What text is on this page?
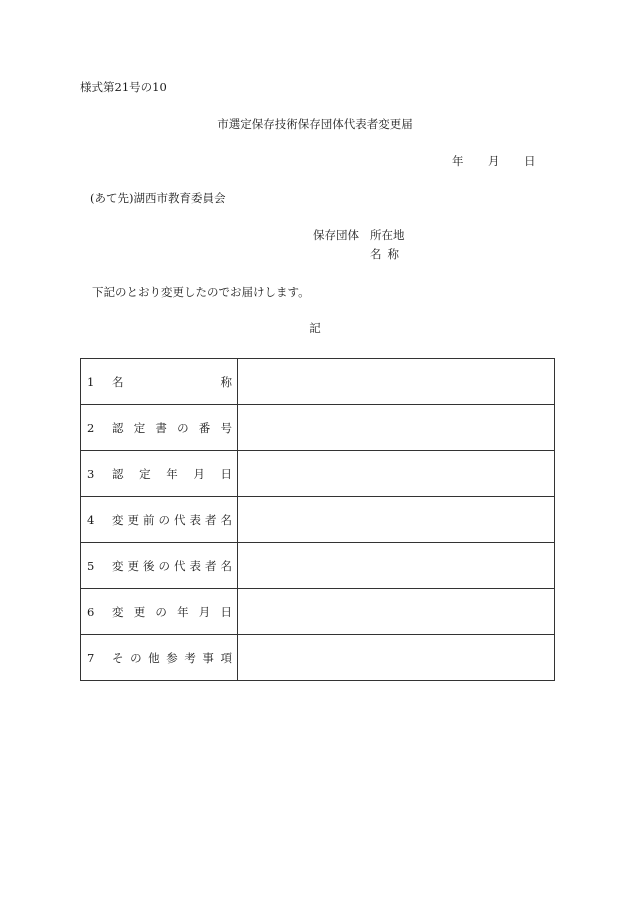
様式第21号の10
市選定保存技術保存団体代表者変更届
年 月 日
(あて先)湖西市教育委員会
保存団体 所在地
名称
下記のとおり変更したのでお届けします。
記
1 名称	

2 認定書の番号	

3 認定年月日	

4 変更前の代表者名	

5 変更後の代表者名	

6 変更の年月日	

7 その他参考事項	
